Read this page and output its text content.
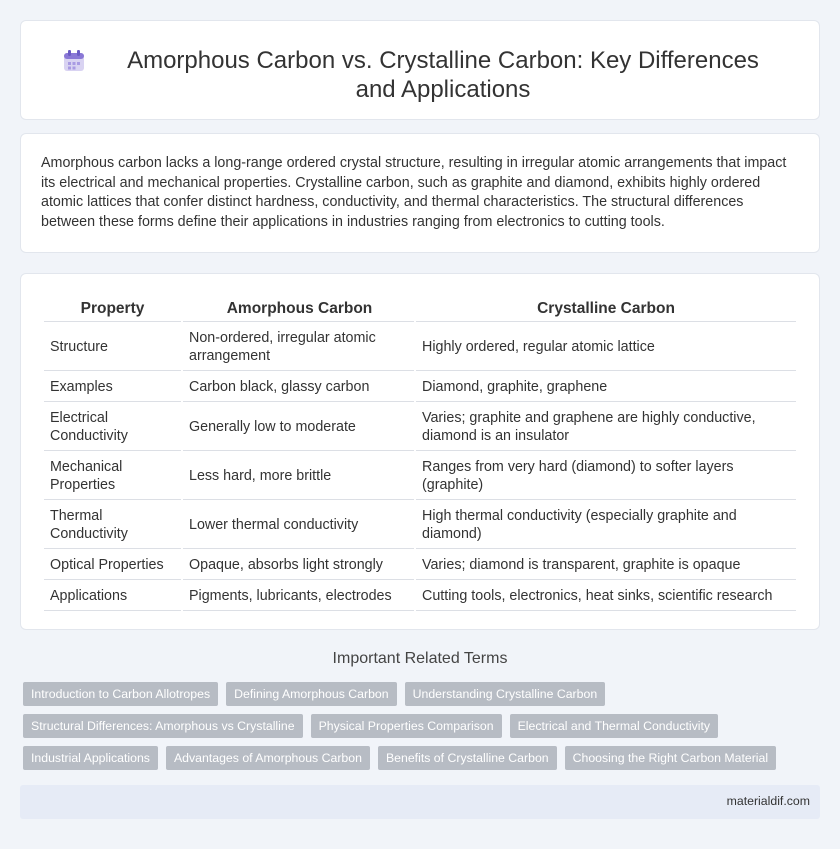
Amorphous Carbon vs. Crystalline Carbon: Key Differences and Applications

Amorphous carbon lacks a long-range ordered crystal structure, resulting in irregular atomic arrangements that impact its electrical and mechanical properties. Crystalline carbon, such as graphite and diamond, exhibits highly ordered atomic lattices that confer distinct hardness, conductivity, and thermal characteristics. The structural differences between these forms define their applications in industries ranging from electronics to cutting tools.

Property	Amorphous Carbon	Crystalline Carbon
Structure	Non-ordered, irregular atomic arrangement	Highly ordered, regular atomic lattice
Examples	Carbon black, glassy carbon	Diamond, graphite, graphene
Electrical Conductivity	Generally low to moderate	Varies; graphite and graphene are highly conductive, diamond is an insulator
Mechanical Properties	Less hard, more brittle	Ranges from very hard (diamond) to softer layers (graphite)
Thermal Conductivity	Lower thermal conductivity	High thermal conductivity (especially graphite and diamond)
Optical Properties	Opaque, absorbs light strongly	Varies; diamond is transparent, graphite is opaque
Applications	Pigments, lubricants, electrodes	Cutting tools, electronics, heat sinks, scientific research
Important Related Terms
Introduction to Carbon Allotropes	Defining Amorphous Carbon	Understanding Crystalline Carbon
Structural Differences: Amorphous vs Crystalline	Physical Properties Comparison	Electrical and Thermal Conductivity
Industrial Applications	Advantages of Amorphous Carbon	Benefits of Crystalline Carbon	Choosing the Right Carbon Material
materialdif.com
